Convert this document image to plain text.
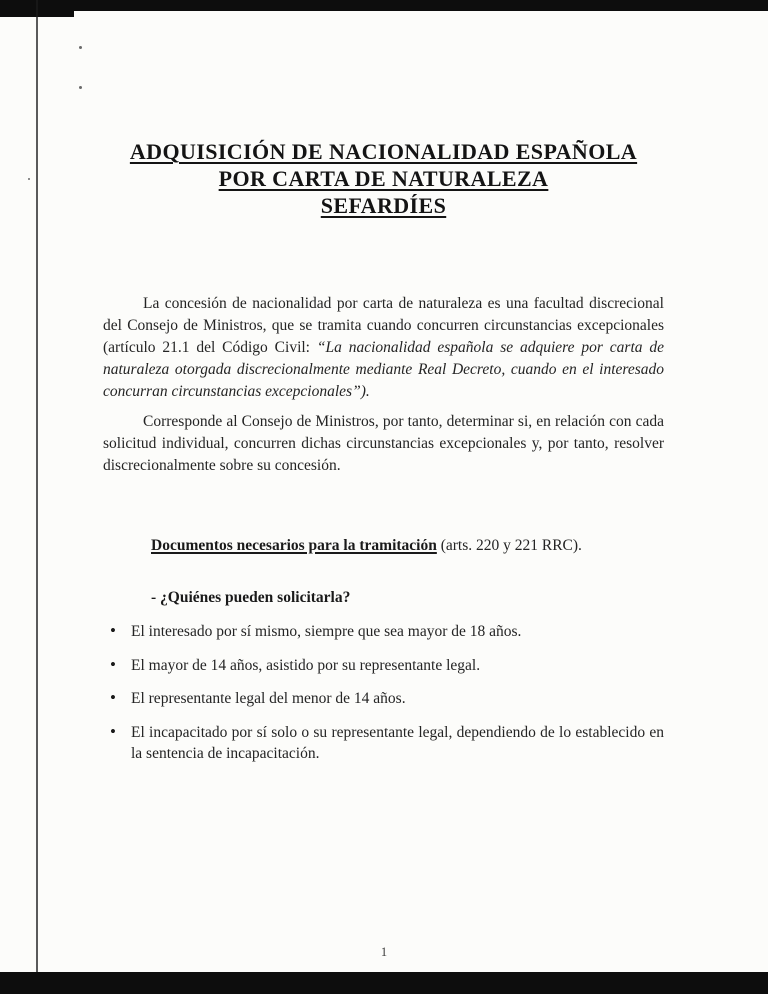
ADQUISICIÓN DE NACIONALIDAD ESPAÑOLA
POR CARTA DE NATURALEZA
SEFARDÍES

La concesión de nacionalidad por carta de naturaleza es una facultad discrecional del Consejo de Ministros, que se tramita cuando concurren circunstancias excepcionales (artículo 21.1 del Código Civil: “La nacionalidad española se adquiere por carta de naturaleza otorgada discrecionalmente mediante Real Decreto, cuando en el interesado concurran circunstancias excepcionales”).

Corresponde al Consejo de Ministros, por tanto, determinar si, en relación con cada solicitud individual, concurren dichas circunstancias excepcionales y, por tanto, resolver discrecionalmente sobre su concesión.

Documentos necesarios para la tramitación (arts. 220 y 221 RRC).

- ¿Quiénes pueden solicitarla?

• El interesado por sí mismo, siempre que sea mayor de 18 años.
• El mayor de 14 años, asistido por su representante legal.
• El representante legal del menor de 14 años.
• El incapacitado por sí solo o su representante legal, dependiendo de lo establecido en la sentencia de incapacitación.
1
